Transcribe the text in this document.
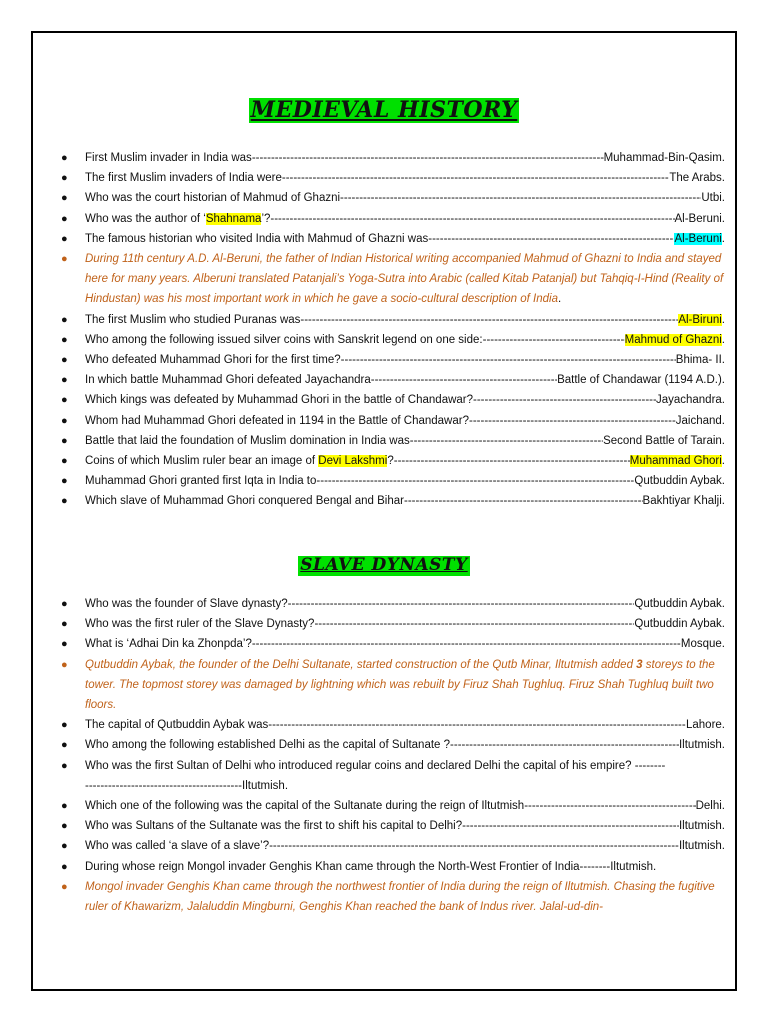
MEDIEVAL HISTORY
● First Muslim invader in India was -----	Muhammad-Bin-Qasim.
● The first Muslim invaders of India were -----	The Arabs.
● Who was the court historian of Mahmud of Ghazni -----	Utbi.
● Who was the author of ‘Shahnama’? -----	Al-Beruni.
● The famous historian who visited India with Mahmud of Ghazni was -----	Al-Beruni.
● During 11th century A.D. Al-Beruni, the father of Indian Historical writing accompanied Mahmud of Ghazni to India and stayed here for many years. Alberuni translated Patanjali’s Yoga-Sutra into Arabic (called Kitab Patanjal) but Tahqiq-I-Hind (Reality of Hindustan) was his most important work in which he gave a socio-cultural description of India.
● The first Muslim who studied Puranas was -----	Al-Biruni.
● Who among the following issued silver coins with Sanskrit legend on one side: -----	Mahmud of Ghazni.
● Who defeated Muhammad Ghori for the first time? -----	Bhima- II.
● In which battle Muhammad Ghori defeated Jayachandra- -----	Battle of Chandawar (1194 A.D.).
● Which kings was defeated by Muhammad Ghori in the battle of Chandawar? -----	Jayachandra.
● Whom had Muhammad Ghori defeated in 1194 in the Battle of Chandawar? -----	Jaichand.
● Battle that laid the foundation of Muslim domination in India was -----	Second Battle of Tarain.
● Coins of which Muslim ruler bear an image of Devi Lakshmi? -----	Muhammad Ghori.
● Muhammad Ghori granted first Iqta in India to -----	Qutbuddin Aybak.
● Which slave of Muhammad Ghori conquered Bengal and Bihar -----	Bakhtiyar Khalji.
SLAVE DYNASTY
● Who was the founder of Slave dynasty? -----	Qutbuddin Aybak.
● Who was the first ruler of the Slave Dynasty? -----	Qutbuddin Aybak.
● What is ‘Adhai Din ka Zhonpda’? -----	Mosque.
● Qutbuddin Aybak, the founder of the Delhi Sultanate, started construction of the Qutb Minar, Iltutmish added 3 storeys to the tower. The topmost storey was damaged by lightning which was rebuilt by Firuz Shah Tughluq. Firuz Shah Tughluq built two floors.
● The capital of Qutbuddin Aybak was -----	Lahore.
● Who among the following established Delhi as the capital of Sultanate ? -----	Iltutmish.
● Who was the first Sultan of Delhi who introduced regular coins and declared Delhi the capital of his empire? --------
-----------------------------------------Iltutmish.
● Which one of the following was the capital of the Sultanate during the reign of Iltutmish -----	Delhi.
● Who was Sultans of the Sultanate was the first to shift his capital to Delhi? -----	Iltutmish.
● Who was called ‘a slave of a slave’? -----	Iltutmish.
● During whose reign Mongol invader Genghis Khan came through the North-West Frontier of India-------- Iltutmish.
● Mongol invader Genghis Khan came through the northwest frontier of India during the reign of Iltutmish. Chasing the fugitive ruler of Khawarizm, Jalaluddin Mingburni, Genghis Khan reached the bank of Indus river. Jalal-ud-din-
